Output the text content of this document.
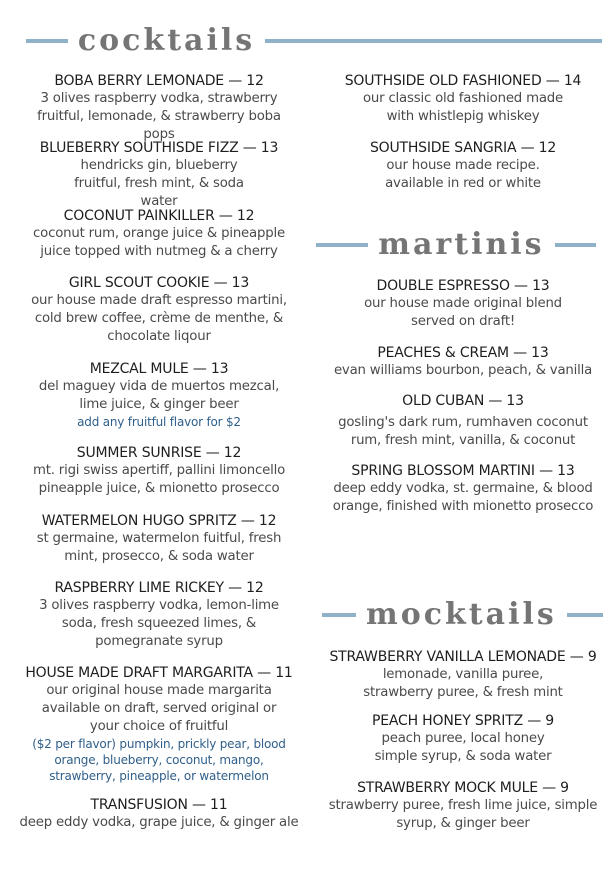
cocktails
BOBA BERRY LEMONADE — 12
3 olives raspberry vodka, strawberry fruitful, lemonade, & strawberry boba pops
BLUEBERRY SOUTHISDE FIZZ — 13
hendricks gin, blueberry fruitful, fresh mint, & soda water
COCONUT PAINKILLER — 12
coconut rum, orange juice & pineapple juice topped with nutmeg & a cherry
GIRL SCOUT COOKIE — 13
our house made draft espresso martini, cold brew coffee, crème de menthe, & chocolate liqour
MEZCAL MULE — 13
del maguey vida de muertos mezcal, lime juice, & ginger beer
add any fruitful flavor for $2
SUMMER SUNRISE — 12
mt. rigi swiss apertiff, pallini limoncello pineapple juice, & mionetto prosecco
WATERMELON HUGO SPRITZ — 12
st germaine, watermelon fuitful, fresh mint, prosecco, & soda water
RASPBERRY LIME RICKEY — 12
3 olives raspberry vodka, lemon-lime soda, fresh squeezed limes, & pomegranate syrup
HOUSE MADE DRAFT MARGARITA — 11
our original house made margarita available on draft, served original or your choice of fruitful
($2 per flavor) pumpkin, prickly pear, blood orange, blueberry, coconut, mango, strawberry, pineapple, or watermelon
TRANSFUSION — 11
deep eddy vodka, grape juice, & ginger ale
SOUTHSIDE OLD FASHIONED — 14
our classic old fashioned made with whistlepig whiskey
SOUTHSIDE SANGRIA — 12
our house made recipe. available in red or white
martinis
DOUBLE ESPRESSO — 13
our house made original blend served on draft!
PEACHES & CREAM — 13
evan williams bourbon, peach, & vanilla
OLD CUBAN — 13
gosling's dark rum, rumhaven coconut rum, fresh mint, vanilla, & coconut
SPRING BLOSSOM MARTINI — 13
deep eddy vodka, st. germaine, & blood orange, finished with mionetto prosecco
mocktails
STRAWBERRY VANILLA LEMONADE — 9
lemonade, vanilla puree, strawberry puree, & fresh mint
PEACH HONEY SPRITZ — 9
peach puree, local honey simple syrup, & soda water
STRAWBERRY MOCK MULE — 9
strawberry puree, fresh lime juice, simple syrup, & ginger beer
